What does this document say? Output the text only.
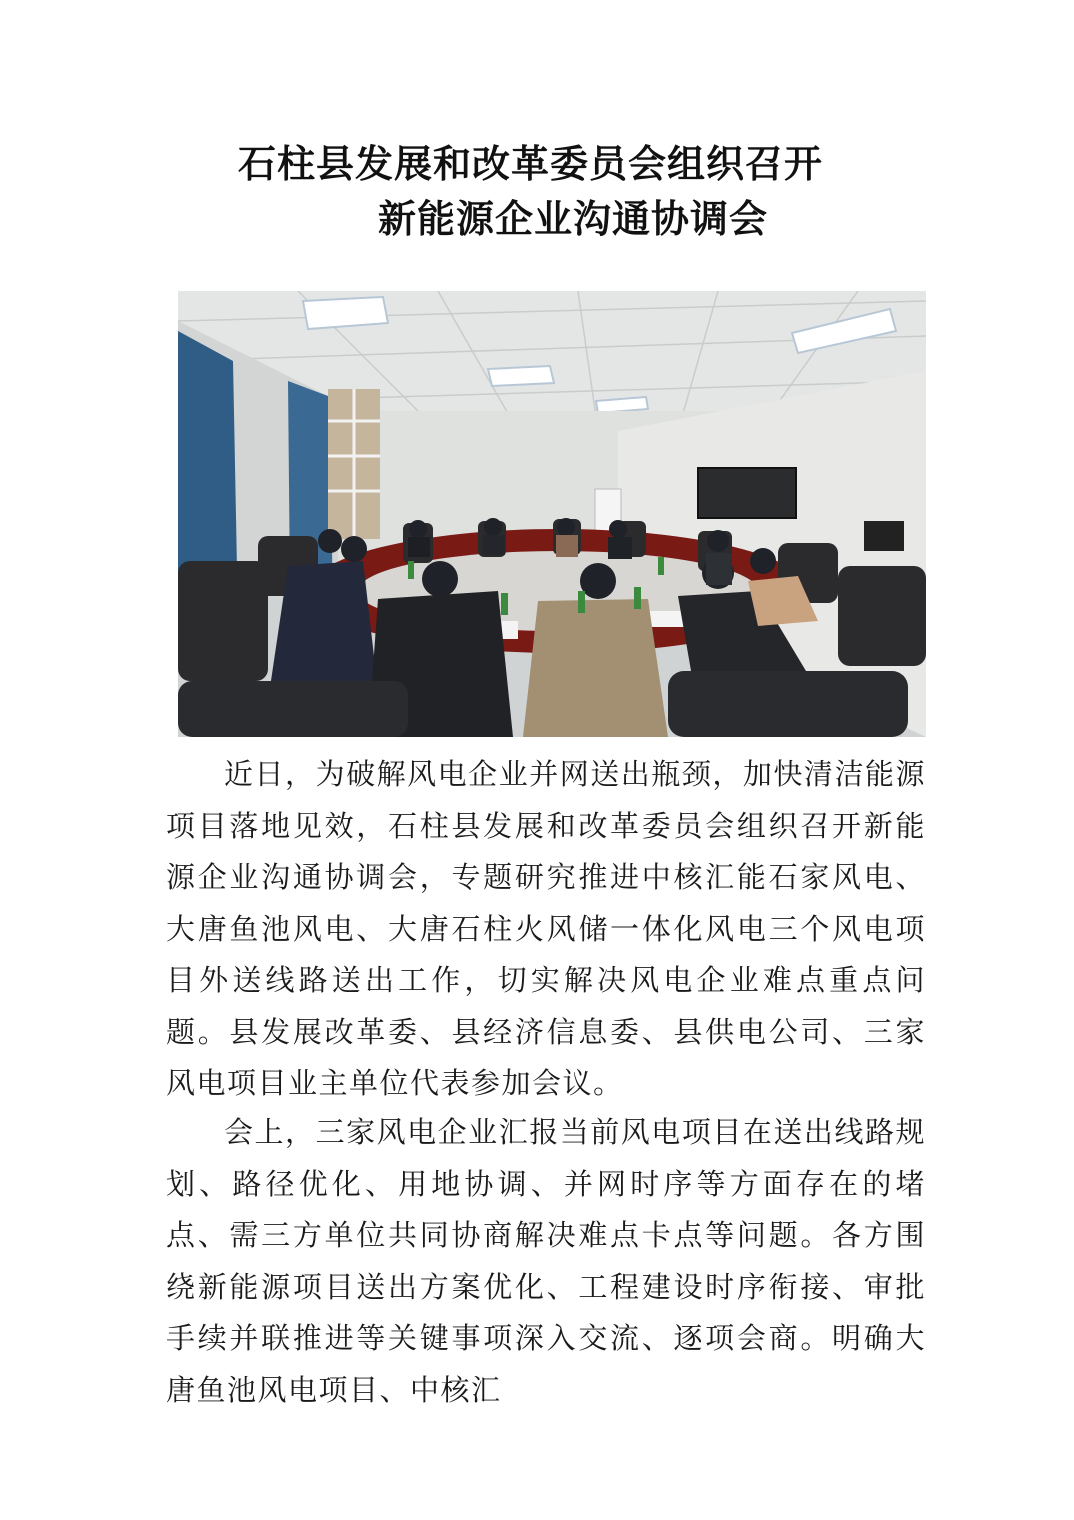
石柱县发展和改革委员会组织召开
新能源企业沟通协调会

近日，为破解风电企业并网送出瓶颈，加快清洁能源项目落地见效，石柱县发展和改革委员会组织召开新能源企业沟通协调会，专题研究推进中核汇能石家风电、大唐鱼池风电、大唐石柱火风储一体化风电三个风电项目外送线路送出工作，切实解决风电企业难点重点问题。县发展改革委、县经济信息委、县供电公司、三家风电项目业主单位代表参加会议。

会上，三家风电企业汇报当前风电项目在送出线路规划、路径优化、用地协调、并网时序等方面存在的堵点、需三方单位共同协商解决难点卡点等问题。各方围绕新能源项目送出方案优化、工程建设时序衔接、审批手续并联推进等关键事项深入交流、逐项会商。明确大唐鱼池风电项目、中核汇
